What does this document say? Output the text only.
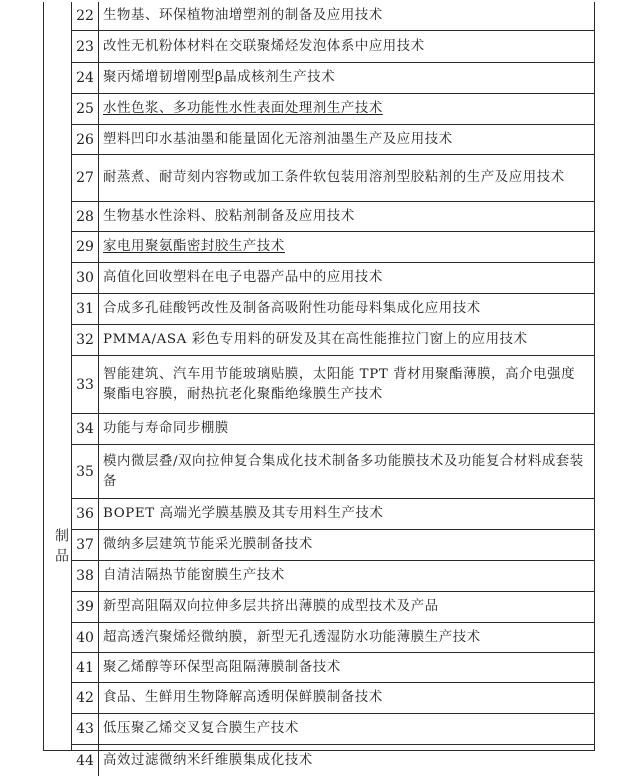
制品
22 生物基、环保植物油增塑剂的制备及应用技术
23 改性无机粉体材料在交联聚烯烃发泡体系中应用技术
24 聚丙烯增韧增刚型β晶成核剂生产技术
25 水性色浆、多功能性水性表面处理剂生产技术
26 塑料凹印水基油墨和能量固化无溶剂油墨生产及应用技术
27 耐蒸煮、耐苛刻内容物或加工条件软包装用溶剂型胶粘剂的生产及应用技术
28 生物基水性涂料、胶粘剂制备及应用技术
29 家电用聚氨酯密封胶生产技术
30 高值化回收塑料在电子电器产品中的应用技术
31 合成多孔硅酸钙改性及制备高吸附性功能母料集成化应用技术
32 PMMA/ASA 彩色专用料的研发及其在高性能推拉门窗上的应用技术
33
智能建筑、汽车用节能玻璃贴膜，太阳能 TPT 背材用聚酯薄膜，高介电强度聚酯电容膜，耐热抗老化聚酯绝缘膜生产技术
34 功能与寿命同步棚膜
35
模内微层叠/双向拉伸复合集成化技术制备多功能膜技术及功能复合材料成套装备
36 BOPET 高端光学膜基膜及其专用料生产技术
37 微纳多层建筑节能采光膜制备技术
38 自清洁隔热节能窗膜生产技术
39 新型高阻隔双向拉伸多层共挤出薄膜的成型技术及产品
40 超高透汽聚烯烃微纳膜，新型无孔透湿防水功能薄膜生产技术
41 聚乙烯醇等环保型高阻隔薄膜制备技术
42 食品、生鲜用生物降解高透明保鲜膜制备技术
43 低压聚乙烯交叉复合膜生产技术
44 高效过滤微纳米纤维膜集成化技术
